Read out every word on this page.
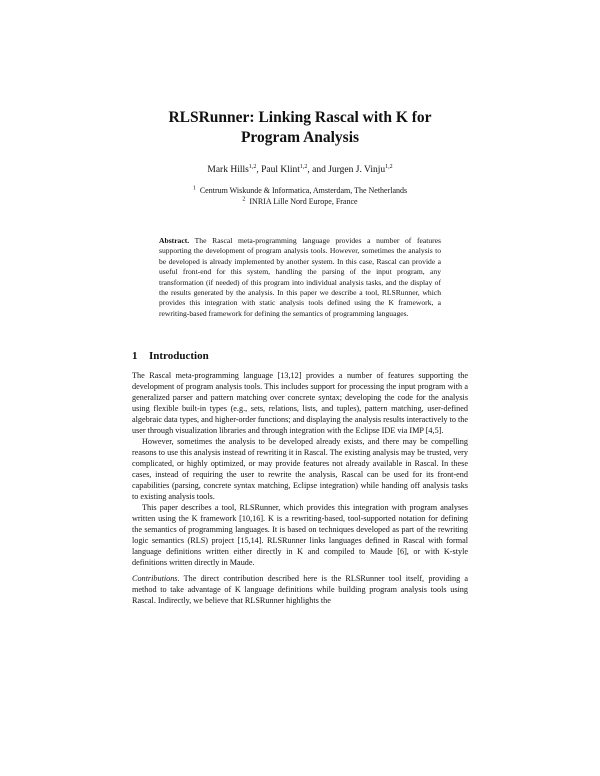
RLSRunner: Linking Rascal with K for
Program Analysis
Mark Hills$^{1,2}$, Paul Klint$^{1,2}$, and Jurgen J. Vinju$^{1,2}$
$^1$ Centrum Wiskunde & Informatica, Amsterdam, The Netherlands
$^2$ INRIA Lille Nord Europe, France
Abstract. The Rascal meta-programming language provides a number of features supporting the development of program analysis tools. However, sometimes the analysis to be developed is already implemented by another system. In this case, Rascal can provide a useful front-end for this system, handling the parsing of the input program, any transformation (if needed) of this program into individual analysis tasks, and the display of the results generated by the analysis. In this paper we describe a tool, RLSRunner, which provides this integration with static analysis tools defined using the K framework, a rewriting-based framework for defining the semantics of programming languages.
1 Introduction

The Rascal meta-programming language [13,12] provides a number of features supporting the development of program analysis tools. This includes support for processing the input program with a generalized parser and pattern matching over concrete syntax; developing the code for the analysis using flexible built-in types (e.g., sets, relations, lists, and tuples), pattern matching, user-defined algebraic data types, and higher-order functions; and displaying the analysis results interactively to the user through visualization libraries and through integration with the Eclipse IDE via IMP [4,5].

However, sometimes the analysis to be developed already exists, and there may be compelling reasons to use this analysis instead of rewriting it in Rascal. The existing analysis may be trusted, very complicated, or highly optimized, or may provide features not already available in Rascal. In these cases, instead of requiring the user to rewrite the analysis, Rascal can be used for its front-end capabilities (parsing, concrete syntax matching, Eclipse integration) while handing off analysis tasks to existing analysis tools.

This paper describes a tool, RLSRunner, which provides this integration with program analyses written using the K framework [10,16]. K is a rewriting-based, tool-supported notation for defining the semantics of programming languages. It is based on techniques developed as part of the rewriting logic semantics (RLS) project [15,14]. RLSRunner links languages defined in Rascal with formal language definitions written either directly in K and compiled to Maude [6], or with K-style definitions written directly in Maude.

Contributions. The direct contribution described here is the RLSRunner tool itself, providing a method to take advantage of K language definitions while building program analysis tools using Rascal. Indirectly, we believe that RLSRunner highlights the
